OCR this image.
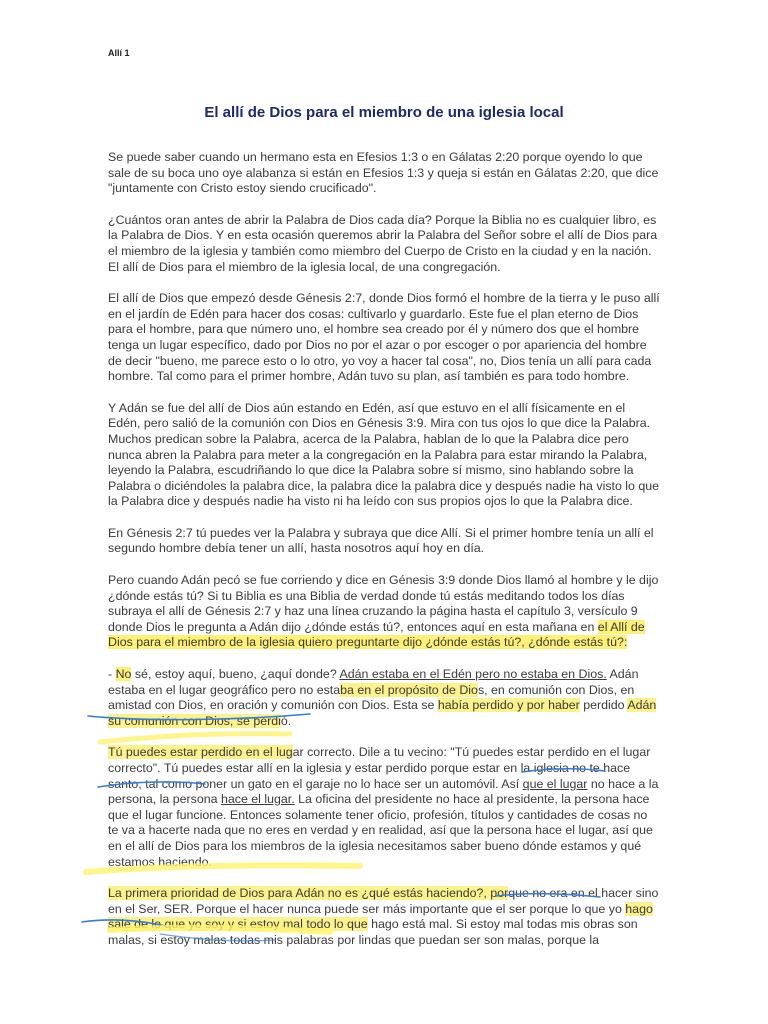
Allí 1
El allí de Dios para el miembro de una iglesia local

Se puede saber cuando un hermano esta en Efesios 1:3 o en Gálatas 2:20 porque oyendo lo que sale de su boca uno oye alabanza si están en Efesios 1:3 y queja si están en Gálatas 2:20, que dice "juntamente con Cristo estoy siendo crucificado".

¿Cuántos oran antes de abrir la Palabra de Dios cada día? Porque la Biblia no es cualquier libro, es la Palabra de Dios. Y en esta ocasión queremos abrir la Palabra del Señor sobre el allí de Dios para el miembro de la iglesia y también como miembro del Cuerpo de Cristo en la ciudad y en la nación. El allí de Dios para el miembro de la iglesia local, de una congregación.

El allí de Dios que empezó desde Génesis 2:7, donde Dios formó el hombre de la tierra y le puso allí en el jardín de Edén para hacer dos cosas: cultivarlo y guardarlo. Este fue el plan eterno de Dios para el hombre, para que número uno, el hombre sea creado por él y número dos que el hombre tenga un lugar específico, dado por Dios no por el azar o por escoger o por apariencia del hombre de decir "bueno, me parece esto o lo otro, yo voy a hacer tal cosa", no, Dios tenía un allí para cada hombre. Tal como para el primer hombre, Adán tuvo su plan, así también es para todo hombre.

Y Adán se fue del allí de Dios aún estando en Edén, así que estuvo en el allí físicamente en el Edén, pero salió de la comunión con Dios en Génesis 3:9. Mira con tus ojos lo que dice la Palabra. Muchos predican sobre la Palabra, acerca de la Palabra, hablan de lo que la Palabra dice pero nunca abren la Palabra para meter a la congregación en la Palabra para estar mirando la Palabra, leyendo la Palabra, escudriñando lo que dice la Palabra sobre sí mismo, sino hablando sobre la Palabra o diciéndoles la palabra dice, la palabra dice la palabra dice y después nadie ha visto lo que la Palabra dice y después nadie ha visto ni ha leído con sus propios ojos lo que la Palabra dice.

En Génesis 2:7 tú puedes ver la Palabra y subraya que dice Allí. Si el primer hombre tenía un allí el segundo hombre debía tener un allí, hasta nosotros aquí hoy en día.

Pero cuando Adán pecó se fue corriendo y dice en Génesis 3:9 donde Dios llamó al hombre y le dijo ¿dónde estás tú? Si tu Biblia es una Biblia de verdad donde tú estás meditando todos los días subraya el allí de Génesis 2:7 y haz una línea cruzando la página hasta el capítulo 3, versículo 9 donde Dios le pregunta a Adán dijo ¿dónde estás tú?, entonces aquí en esta mañana en el Allí de Dios para el miembro de la iglesia quiero preguntarte dijo ¿dónde estás tú?, ¿dónde estás tú?:

- No sé, estoy aquí, bueno, ¿aquí donde? Adán estaba en el Edén pero no estaba en Dios. Adán estaba en el lugar geográfico pero no estaba en el propósito de Dios, en comunión con Dios, en amistad con Dios, en oración y comunión con Dios. Esta se había perdido y por haber perdido Adán su comunión con Dios, se perdió.

Tú puedes estar perdido en el lugar correcto. Dile a tu vecino: "Tú puedes estar perdido en el lugar correcto". Tú puedes estar allí en la iglesia y estar perdido porque estar en la iglesia no te hace santo, tal como poner un gato en el garaje no lo hace ser un automóvil. Así que el lugar no hace a la persona, la persona hace el lugar. La oficina del presidente no hace al presidente, la persona hace que el lugar funcione. Entonces solamente tener oficio, profesión, títulos y cantidades de cosas no te va a hacerte nada que no eres en verdad y en realidad, así que la persona hace el lugar, así que en el allí de Dios para los miembros de la iglesia necesitamos saber bueno dónde estamos y qué estamos haciendo.

La primera prioridad de Dios para Adán no es ¿qué estás haciendo?, porque no era en el hacer sino en el Ser, SER. Porque el hacer nunca puede ser más importante que el ser porque lo que yo hago sale de lo que yo soy y si estoy mal todo lo que hago está mal. Si estoy mal todas mis obras son malas, si estoy malas todas mis palabras por lindas que puedan ser son malas, porque la
